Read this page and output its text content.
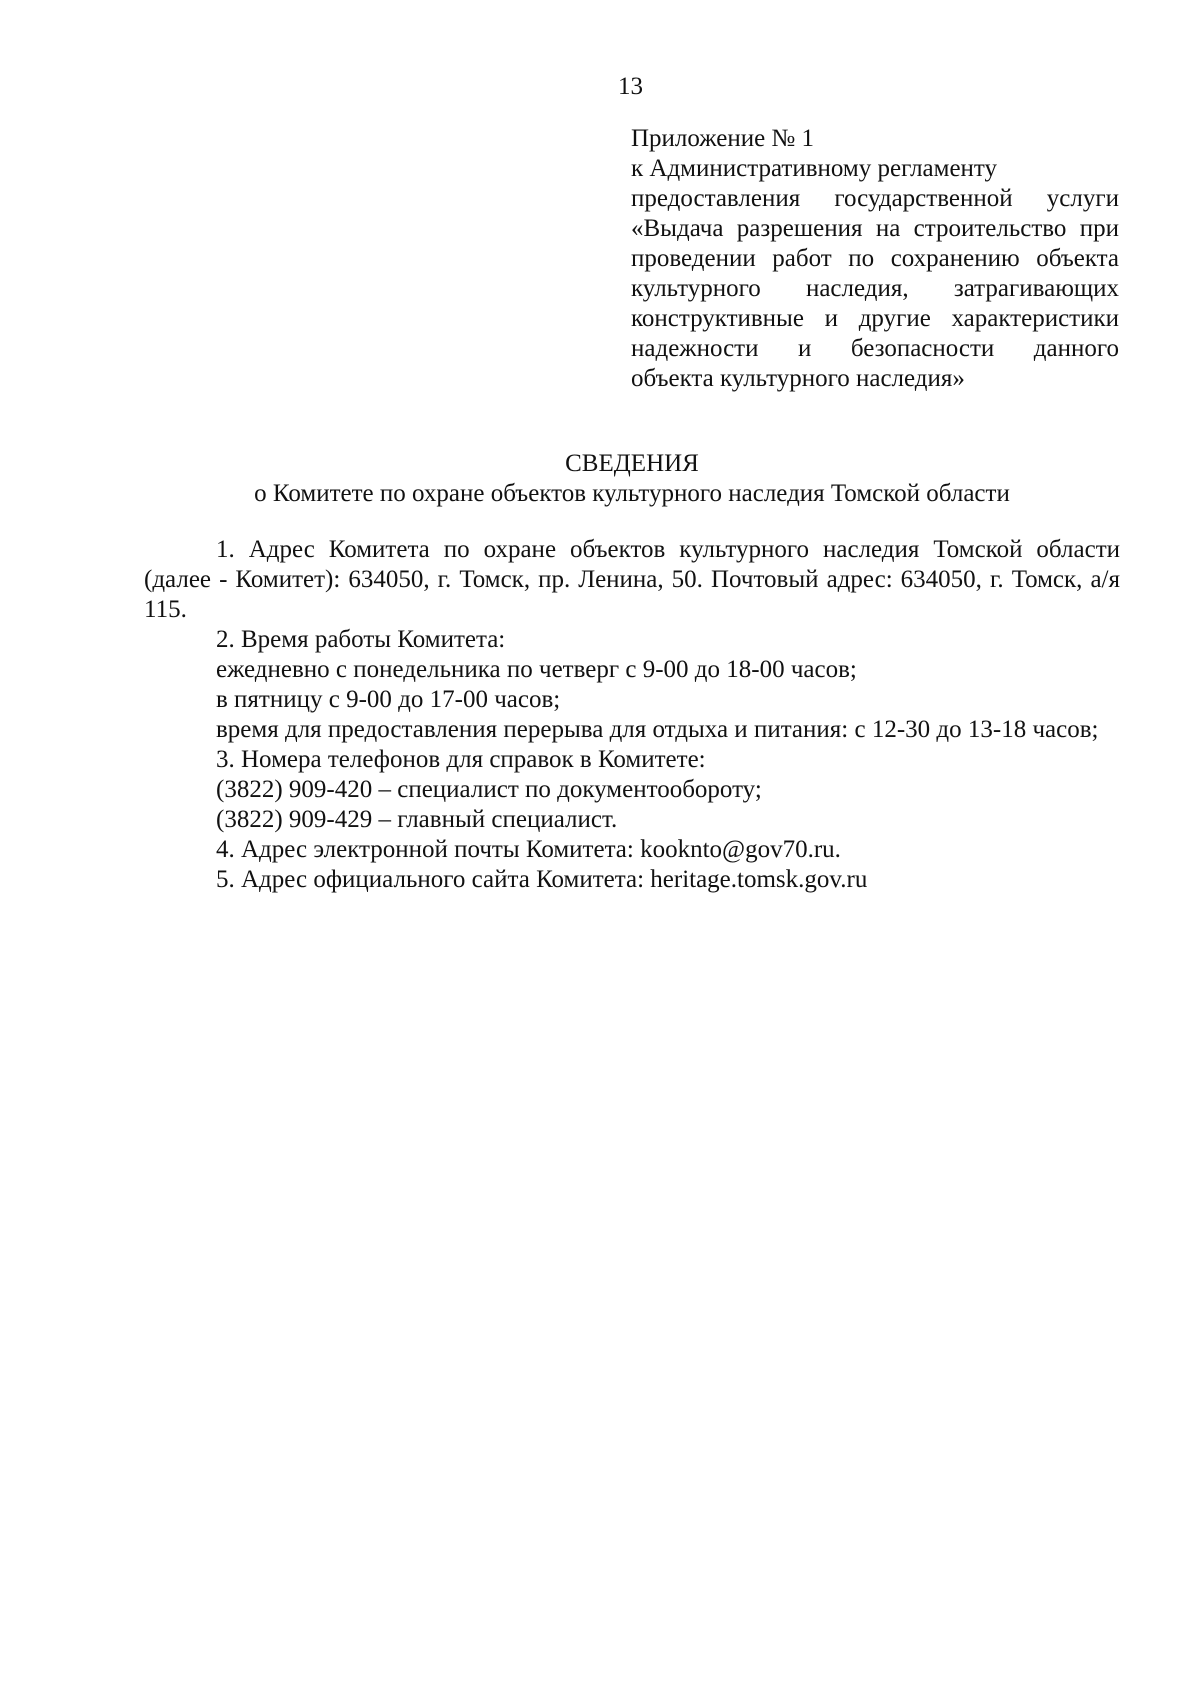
13
Приложение № 1
к Административному регламенту
предоставления государственной услуги
«Выдача разрешения на строительство при
проведении работ по сохранению объекта
культурного наследия, затрагивающих
конструктивные и другие характеристики
надежности и безопасности данного
объекта культурного наследия»
СВЕДЕНИЯ
о Комитете по охране объектов культурного наследия Томской области

1. Адрес Комитета по охране объектов культурного наследия Томской области (далее - Комитет): 634050, г. Томск, пр. Ленина, 50. Почтовый адрес: 634050, г. Томск, а/я 115.

2. Время работы Комитета:

ежедневно с понедельника по четверг с 9-00 до 18-00 часов;

в пятницу с 9-00 до 17-00 часов;

время для предоставления перерыва для отдыха и питания: с 12-30 до 13-18 часов;

3. Номера телефонов для справок в Комитете:

(3822) 909-420 – специалист по документообороту;

(3822) 909-429 – главный специалист.

4. Адрес электронной почты Комитета: kooknto@gov70.ru.

5. Адрес официального сайта Комитета: heritage.tomsk.gov.ru
